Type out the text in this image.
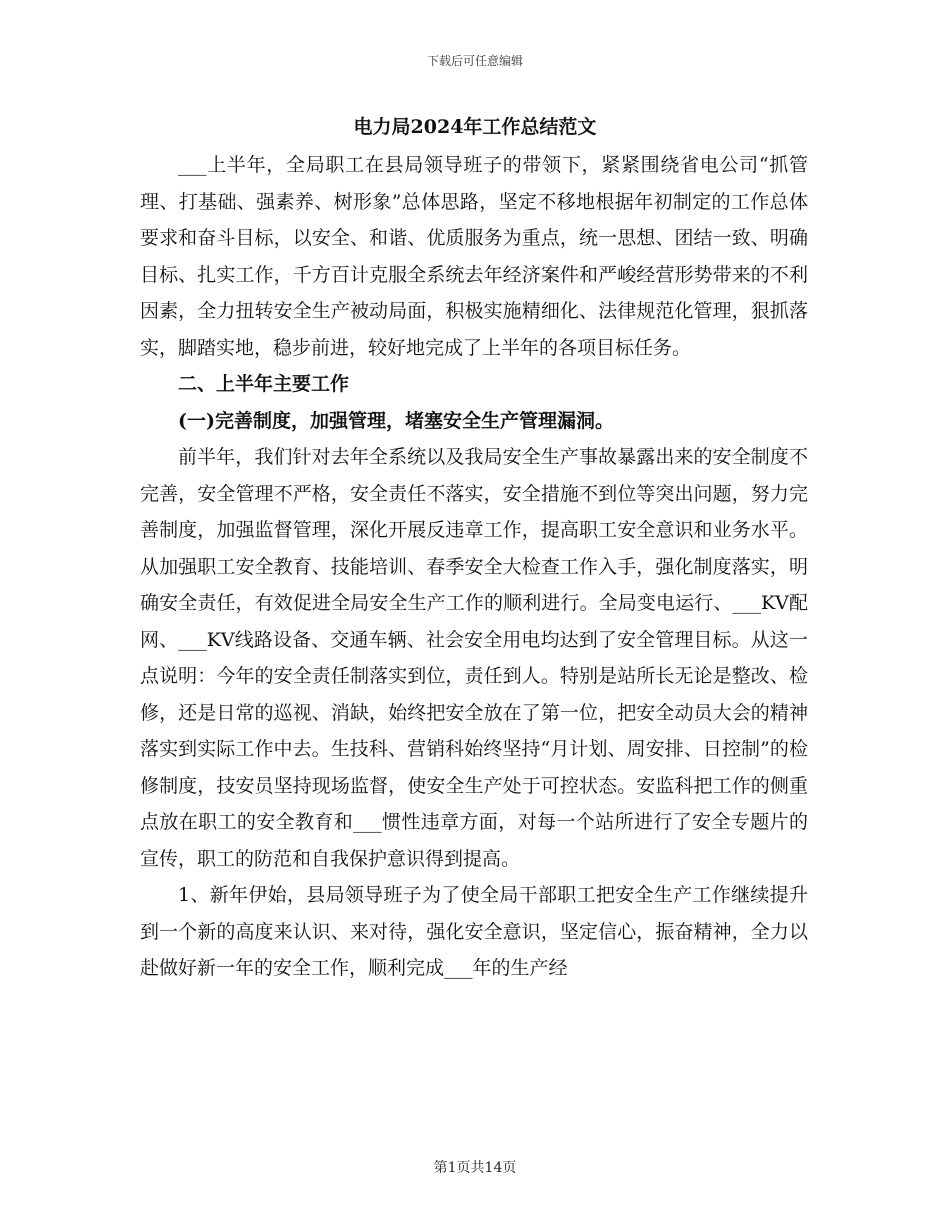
下载后可任意编辑
电力局2024年工作总结范文

___上半年，全局职工在县局领导班子的带领下，紧紧围绕省电公司“抓管理、打基础、强素养、树形象”总体思路，坚定不移地根据年初制定的工作总体要求和奋斗目标，以安全、和谐、优质服务为重点，统一思想、团结一致、明确目标、扎实工作，千方百计克服全系统去年经济案件和严峻经营形势带来的不利因素，全力扭转安全生产被动局面，积极实施精细化、法律规范化管理，狠抓落实，脚踏实地，稳步前进，较好地完成了上半年的各项目标任务。

二、上半年主要工作

(一)完善制度，加强管理，堵塞安全生产管理漏洞。

前半年，我们针对去年全系统以及我局安全生产事故暴露出来的安全制度不完善，安全管理不严格，安全责任不落实，安全措施不到位等突出问题，努力完善制度，加强监督管理，深化开展反违章工作，提高职工安全意识和业务水平。从加强职工安全教育、技能培训、春季安全大检查工作入手，强化制度落实，明确安全责任，有效促进全局安全生产工作的顺利进行。全局变电运行、___KV配网、___KV线路设备、交通车辆、社会安全用电均达到了安全管理目标。从这一点说明：今年的安全责任制落实到位，责任到人。特别是站所长无论是整改、检修，还是日常的巡视、消缺，始终把安全放在了第一位，把安全动员大会的精神落实到实际工作中去。生技科、营销科始终坚持“月计划、周安排、日控制”的检修制度，技安员坚持现场监督，使安全生产处于可控状态。安监科把工作的侧重点放在职工的安全教育和___惯性违章方面，对每一个站所进行了安全专题片的宣传，职工的防范和自我保护意识得到提高。

1、新年伊始，县局领导班子为了使全局干部职工把安全生产工作继续提升到一个新的高度来认识、来对待，强化安全意识，坚定信心，振奋精神，全力以赴做好新一年的安全工作，顺利完成___年的生产经

第1页共14页
